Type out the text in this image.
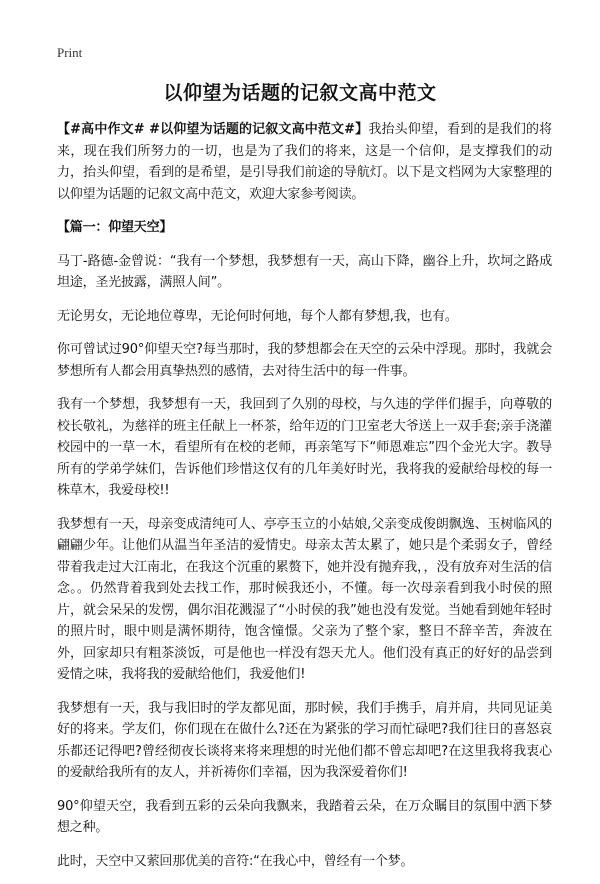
Print
以仰望为话题的记叙文高中范文

【#高中作文# #以仰望为话题的记叙文高中范文#】我抬头仰望，看到的是我们的将来，现在我们所努力的一切，也是为了我们的将来，这是一个信仰，是支撑我们的动力，抬头仰望，看到的是希望，是引导我们前途的导航灯。以下是文档网为大家整理的以仰望为话题的记叙文高中范文，欢迎大家参考阅读。

【篇一：仰望天空】

马丁-路德-金曾说：“我有一个梦想，我梦想有一天，高山下降，幽谷上升，坎坷之路成坦途，圣光披露，满照人间”。

无论男女，无论地位尊卑，无论何时何地，每个人都有梦想,我，也有。

你可曾试过90°仰望天空?每当那时，我的梦想都会在天空的云朵中浮现。那时，我就会梦想所有人都会用真挚热烈的感情，去对待生活中的每一件事。

我有一个梦想，我梦想有一天，我回到了久别的母校，与久违的学伴们握手，向尊敬的校长敬礼，为慈祥的班主任献上一杯茶，给年迈的门卫室老大爷送上一双手套;亲手浇灌校园中的一草一木，看望所有在校的老师，再亲笔写下“师恩难忘”四个金光大字。教导所有的学弟学妹们，告诉他们珍惜这仅有的几年美好时光，我将我的爱献给母校的每一株草木，我爱母校!!

我梦想有一天，母亲变成清纯可人、亭亭玉立的小姑娘,父亲变成俊朗飘逸、玉树临风的翩翩少年。让他们从温当年圣洁的爱情史。母亲太苦太累了，她只是个柔弱女子，曾经带着我走过大江南北，在我这个沉重的累赘下，她并没有抛弃我，，没有放弃对生活的信念。。仍然背着我到处去找工作，那时候我还小，不懂。每一次母亲看到我小时侯的照片，就会呆呆的发愣，偶尔泪花溅湿了“小时侯的我”她也没有发觉。当她看到她年轻时的照片时，眼中则是满怀期待，饱含憧憬。父亲为了整个家，整日不辞辛苦，奔波在外，回家却只有粗茶淡饭，可是他也一样没有怨天尤人。他们没有真正的好好的品尝到爱情之味，我将我的爱献给他们，我爱他们!

我梦想有一天，我与我旧时的学友都见面，那时候，我们手携手，肩并肩，共同见证美好的将来。学友们，你们现在在做什么?还在为紧张的学习而忙碌吧?我们往日的喜怒哀乐都还记得吧?曾经彻夜长谈将来将来理想的时光他们都不曾忘却吧?在这里我将我衷心的爱献给我所有的友人，并祈祷你们幸福，因为我深爱着你们!

90°仰望天空，我看到五彩的云朵向我飘来，我踏着云朵，在万众瞩目的氛围中洒下梦想之种。

此时，天空中又萦回那优美的音符:“在我心中，曾经有一个梦。
